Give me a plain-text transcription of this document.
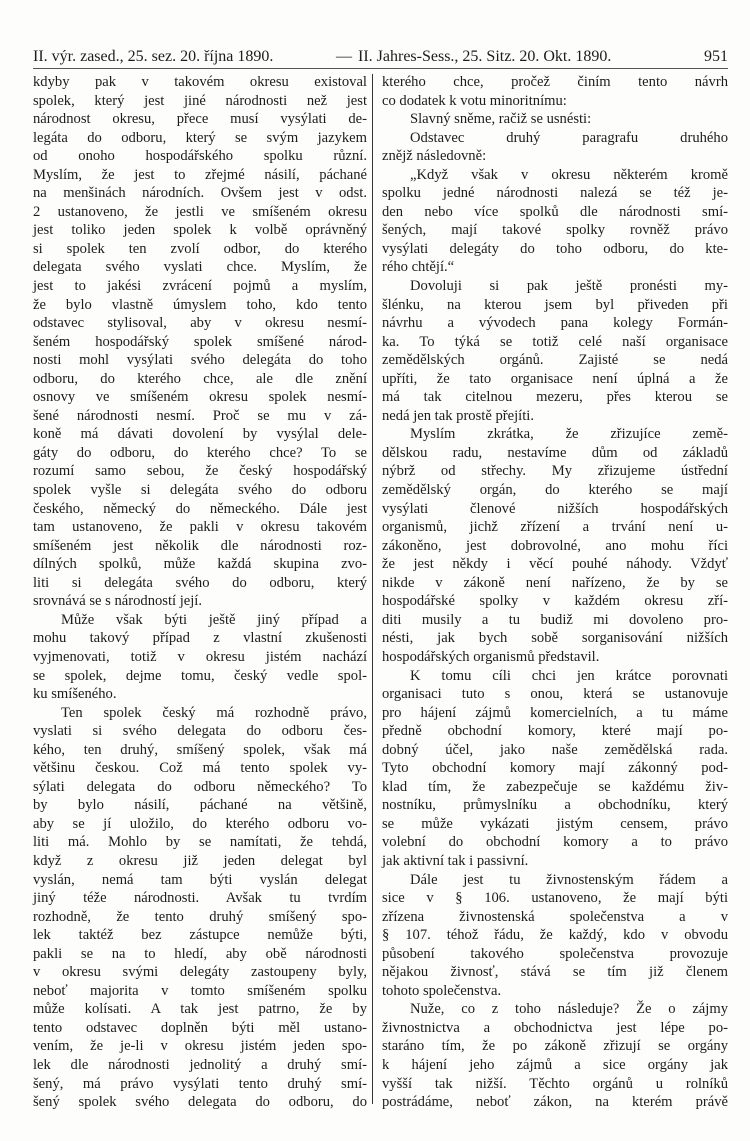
II. výr. zased., 25. sez. 20. října 1890.	— II. Jahres-Sess., 25. Sitz. 20. Okt. 1890.	951
kdyby pak v takovém okresu existoval
spolek, který jest jiné národnosti než jest
národnost okresu, přece musí vysýlati de-
legáta do odboru, který se svým jazykem
od onoho hospodářského spolku různí.
Myslím, že jest to zřejmé násilí, páchané
na menšinách národních. Ovšem jest v odst.
2 ustanoveno, že jestli ve smíšeném okresu
jest toliko jeden spolek k volbě oprávněný
si spolek ten zvolí odbor, do kterého
delegata svého vyslati chce. Myslím, že
jest to jakési zvrácení pojmů a myslím,
že bylo vlastně úmyslem toho, kdo tento
odstavec stylisoval, aby v okresu nesmí-
šeném hospodářský spolek smíšené národ-
nosti mohl vysýlati svého delegáta do toho
odboru, do kterého chce, ale dle znění
osnovy ve smíšeném okresu spolek nesmí-
šené národnosti nesmí. Proč se mu v zá-
koně má dávati dovolení by vysýlal dele-
gáty do odboru, do kterého chce? To se
rozumí samo sebou, že český hospodářský
spolek vyšle si delegáta svého do odboru
českého, německý do německého. Dále jest
tam ustanoveno, že pakli v okresu takovém
smíšeném jest několik dle národnosti roz-
dílných spolků, může každá skupina zvo-
liti si delegáta svého do odboru, který
srovnává se s národností její.
Může však býti ještě jiný případ a
mohu takový případ z vlastní zkušenosti
vyjmenovati, totiž v okresu jistém nachází
se spolek, dejme tomu, český vedle spol-
ku smíšeného.
Ten spolek český má rozhodně právo,
vyslati si svého delegata do odboru čes-
kého, ten druhý, smíšený spolek, však má
většinu českou. Což má tento spolek vy-
sýlati delegata do odboru německého? To
by bylo násilí, páchané na většině,
aby se jí uložilo, do kterého odboru vo-
liti má. Mohlo by se namítati, že tehdá,
když z okresu již jeden delegat byl
vyslán, nemá tam býti vyslán delegat
jiný téže národnosti. Avšak tu tvrdím
rozhodně, že tento druhý smíšený spo-
lek taktéž bez zástupce nemůže býti,
pakli se na to hledí, aby obě národnosti
v okresu svými delegáty zastoupeny byly,
neboť majorita v tomto smíšeném spolku
může kolísati. A tak jest patrno, že by
tento odstavec doplněn býti měl ustano-
vením, že je-li v okresu jistém jeden spo-
lek dle národnosti jednolitý a druhý smí-
šený, má právo vysýlati tento druhý smí-
šený spolek svého delegata do odboru, do
kterého chce, pročež činím tento návrh
co dodatek k votu minoritnímu:
Slavný sněme, račiž se usnésti:
Odstavec druhý paragrafu druhého
znějž následovně:
„Když však v okresu některém kromě
spolku jedné národnosti nalezá se též je-
den nebo více spolků dle národnosti smí-
šených, mají takové spolky rovněž právo
vysýlati delegáty do toho odboru, do kte-
rého chtějí.“
Dovoluji si pak ještě pronésti my-
šlénku, na kterou jsem byl přiveden při
návrhu a vývodech pana kolegy Formán-
ka. To týká se totiž celé naší organisace
zemědělských orgánů. Zajisté se nedá
upříti, že tato organisace není úplná a že
má tak citelnou mezeru, přes kterou se
nedá jen tak prostě přejíti.
Myslím zkrátka, že zřizujíce země-
dělskou radu, nestavíme dům od základů
nýbrž od střechy. My zřizujeme ústřední
zemědělský orgán, do kterého se mají
vysýlati členové nižších hospodářských
organismů, jichž zřízení a trvání není u-
zákoněno, jest dobrovolné, ano mohu říci
že jest někdy i věcí pouhé náhody. Vždyť
nikde v zákoně není nařízeno, že by se
hospodářské spolky v každém okresu zří-
diti musily a tu budiž mi dovoleno pro-
nésti, jak bych sobě sorganisování nižších
hospodářských organismů představil.
K tomu cíli chci jen krátce porovnati
organisaci tuto s onou, která se ustanovuje
pro hájení zájmů komercielních, a tu máme
předně obchodní komory, které mají po-
dobný účel, jako naše zemědělská rada.
Tyto obchodní komory mají zákonný pod-
klad tím, že zabezpečuje se každému živ-
nostníku, průmyslníku a obchodníku, který
se může vykázati jistým censem, právo
volební do obchodní komory a to právo
jak aktivní tak i passivní.
Dále jest tu živnostenským řádem a
sice v § 106. ustanoveno, že mají býti
zřízena živnostenská společenstva a v
§ 107. téhož řádu, že každý, kdo v obvodu
působení takového společenstva provozuje
nějakou živnosť, stává se tím již členem
tohoto společenstva.
Nuže, co z toho následuje? Že o zájmy
živnostnictva a obchodnictva jest lépe po-
staráno tím, že po zákoně zřizují se orgány
k hájení jeho zájmů a sice orgány jak
vyšší tak nižší. Těchto orgánů u rolníků
postrádáme, neboť zákon, na kterém právě
